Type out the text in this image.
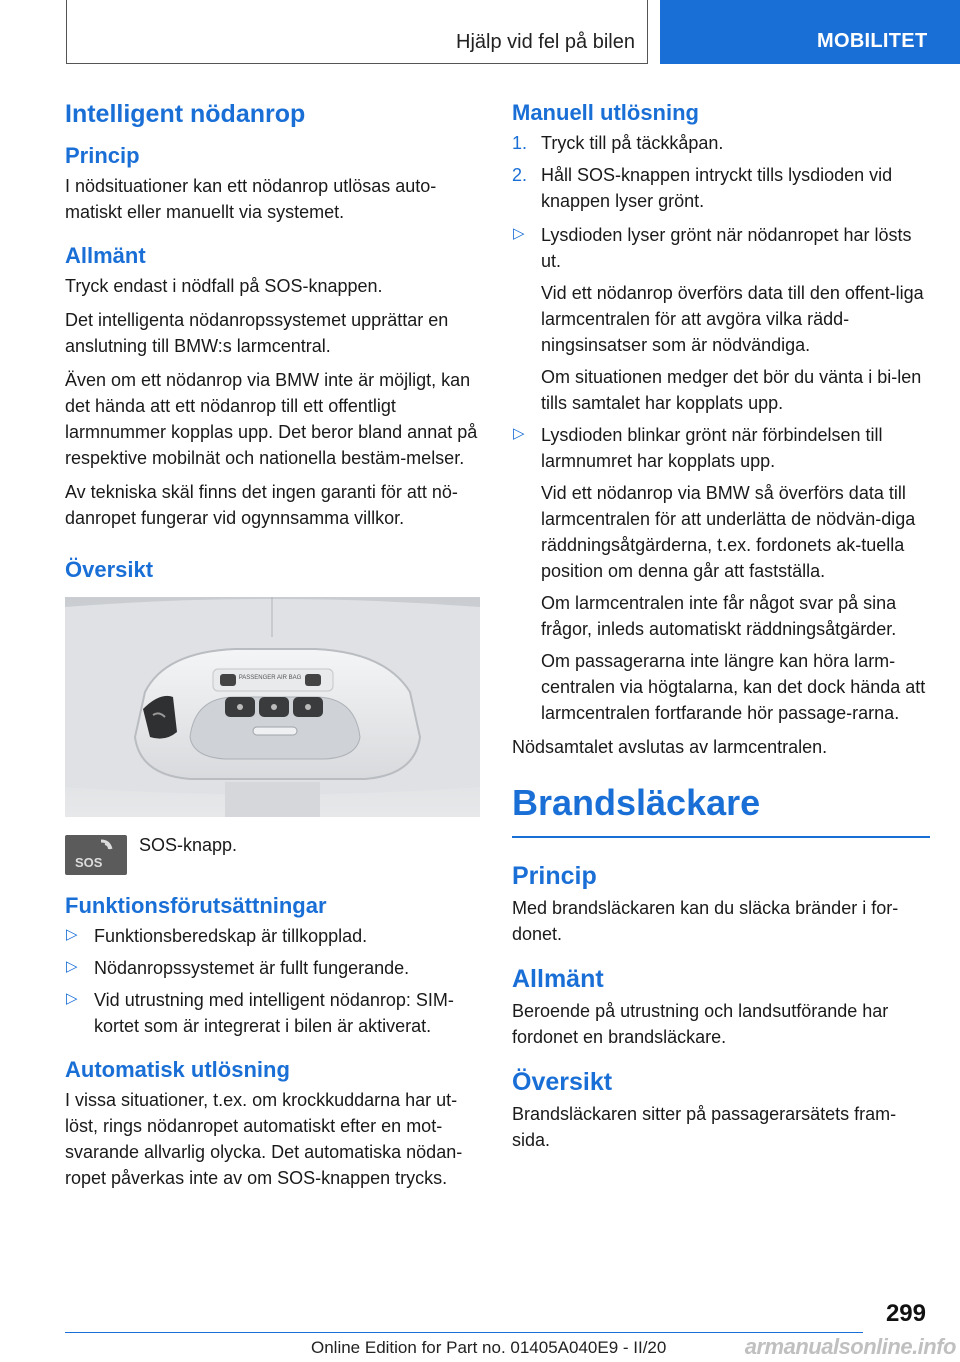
Hjälp vid fel på bilen	MOBILITET
Intelligent nödanrop
Princip

I nödsituationer kan ett nödanrop utlösas auto-matiskt eller manuellt via systemet.

Allmänt

Tryck endast i nödfall på SOS-knappen.

Det intelligenta nödanropssystemet upprättar en anslutning till BMW:s larmcentral.

Även om ett nödanrop via BMW inte är möjligt, kan det hända att ett nödanrop till ett offentligt larmnummer kopplas upp. Det beror bland annat på respektive mobilnät och nationella bestäm-melser.

Av tekniska skäl finns det ingen garanti för att nö-danropet fungerar vid ogynnsamma villkor.

Översikt
PASSENGER AIR BAG
SOS
SOS-knapp.
Funktionsförutsättningar
▷ Funktionsberedskap är tillkopplad.
▷ Nödanropssystemet är fullt fungerande.
▷ Vid utrustning med intelligent nödanrop: SIM-kortet som är integrerat i bilen är aktiverat.
Automatisk utlösning

I vissa situationer, t.ex. om krockkuddarna har ut-löst, rings nödanropet automatiskt efter en mot-svarande allvarlig olycka. Det automatiska nödan-ropet påverkas inte av om SOS-knappen trycks.

Manuell utlösning
1. Tryck till på täckkåpan.
2. Håll SOS-knappen intryckt tills lysdioden vid knappen lyser grönt.
▷ Lysdioden lyser grönt när nödanropet har lösts ut.
Vid ett nödanrop överförs data till den offent-liga larmcentralen för att avgöra vilka rädd-ningsinsatser som är nödvändiga.
Om situationen medger det bör du vänta i bi-len tills samtalet har kopplats upp.
▷ Lysdioden blinkar grönt när förbindelsen till larmnumret har kopplats upp.
Vid ett nödanrop via BMW så överförs data till larmcentralen för att underlätta de nödvän-diga räddningsåtgärderna, t.ex. fordonets ak-tuella position om denna går att fastställa.
Om larmcentralen inte får något svar på sina frågor, inleds automatiskt räddningsåtgärder.
Om passagerarna inte längre kan höra larm-centralen via högtalarna, kan det dock hända att larmcentralen fortfarande hör passage-rarna.

Nödsamtalet avslutas av larmcentralen.

Brandsläckare
Princip

Med brandsläckaren kan du släcka bränder i for-donet.

Allmänt

Beroende på utrustning och landsutförande har fordonet en brandsläckare.

Översikt

Brandsläckaren sitter på passagerarsätets fram-sida.

299
Online Edition for Part no. 01405A040E9 - II/20	armanualsonline.info
